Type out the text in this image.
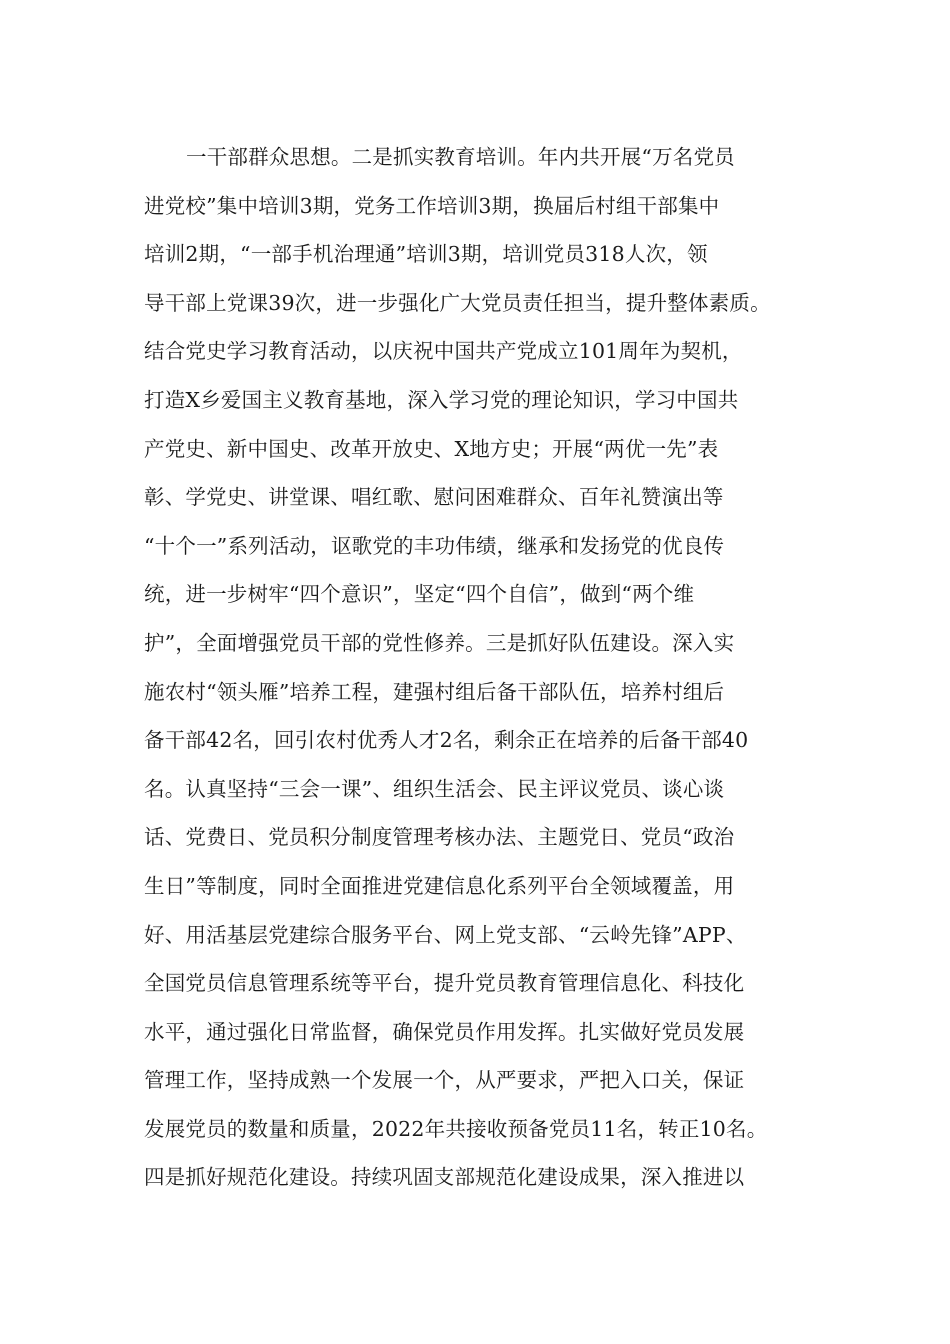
一干部群众思想。二是抓实教育培训。年内共开展“万名党员
进党校”集中培训3期，党务工作培训3期，换届后村组干部集中
培训2期，“一部手机治理通”培训3期，培训党员318人次，领
导干部上党课39次，进一步强化广大党员责任担当，提升整体素质。
结合党史学习教育活动，以庆祝中国共产党成立101周年为契机，
打造X乡爱国主义教育基地，深入学习党的理论知识，学习中国共
产党史、新中国史、改革开放史、X地方史；开展“两优一先”表
彰、学党史、讲堂课、唱红歌、慰问困难群众、百年礼赞演出等
“十个一”系列活动，讴歌党的丰功伟绩，继承和发扬党的优良传
统，进一步树牢“四个意识”，坚定“四个自信”，做到“两个维
护”，全面增强党员干部的党性修养。三是抓好队伍建设。深入实
施农村“领头雁”培养工程，建强村组后备干部队伍，培养村组后
备干部42名，回引农村优秀人才2名，剩余正在培养的后备干部40
名。认真坚持“三会一课”、组织生活会、民主评议党员、谈心谈
话、党费日、党员积分制度管理考核办法、主题党日、党员“政治
生日”等制度，同时全面推进党建信息化系列平台全领域覆盖，用
好、用活基层党建综合服务平台、网上党支部、“云岭先锋”APP、
全国党员信息管理系统等平台，提升党员教育管理信息化、科技化
水平，通过强化日常监督，确保党员作用发挥。扎实做好党员发展
管理工作，坚持成熟一个发展一个，从严要求，严把入口关，保证
发展党员的数量和质量，2022年共接收预备党员11名，转正10名。
四是抓好规范化建设。持续巩固支部规范化建设成果，深入推进以
